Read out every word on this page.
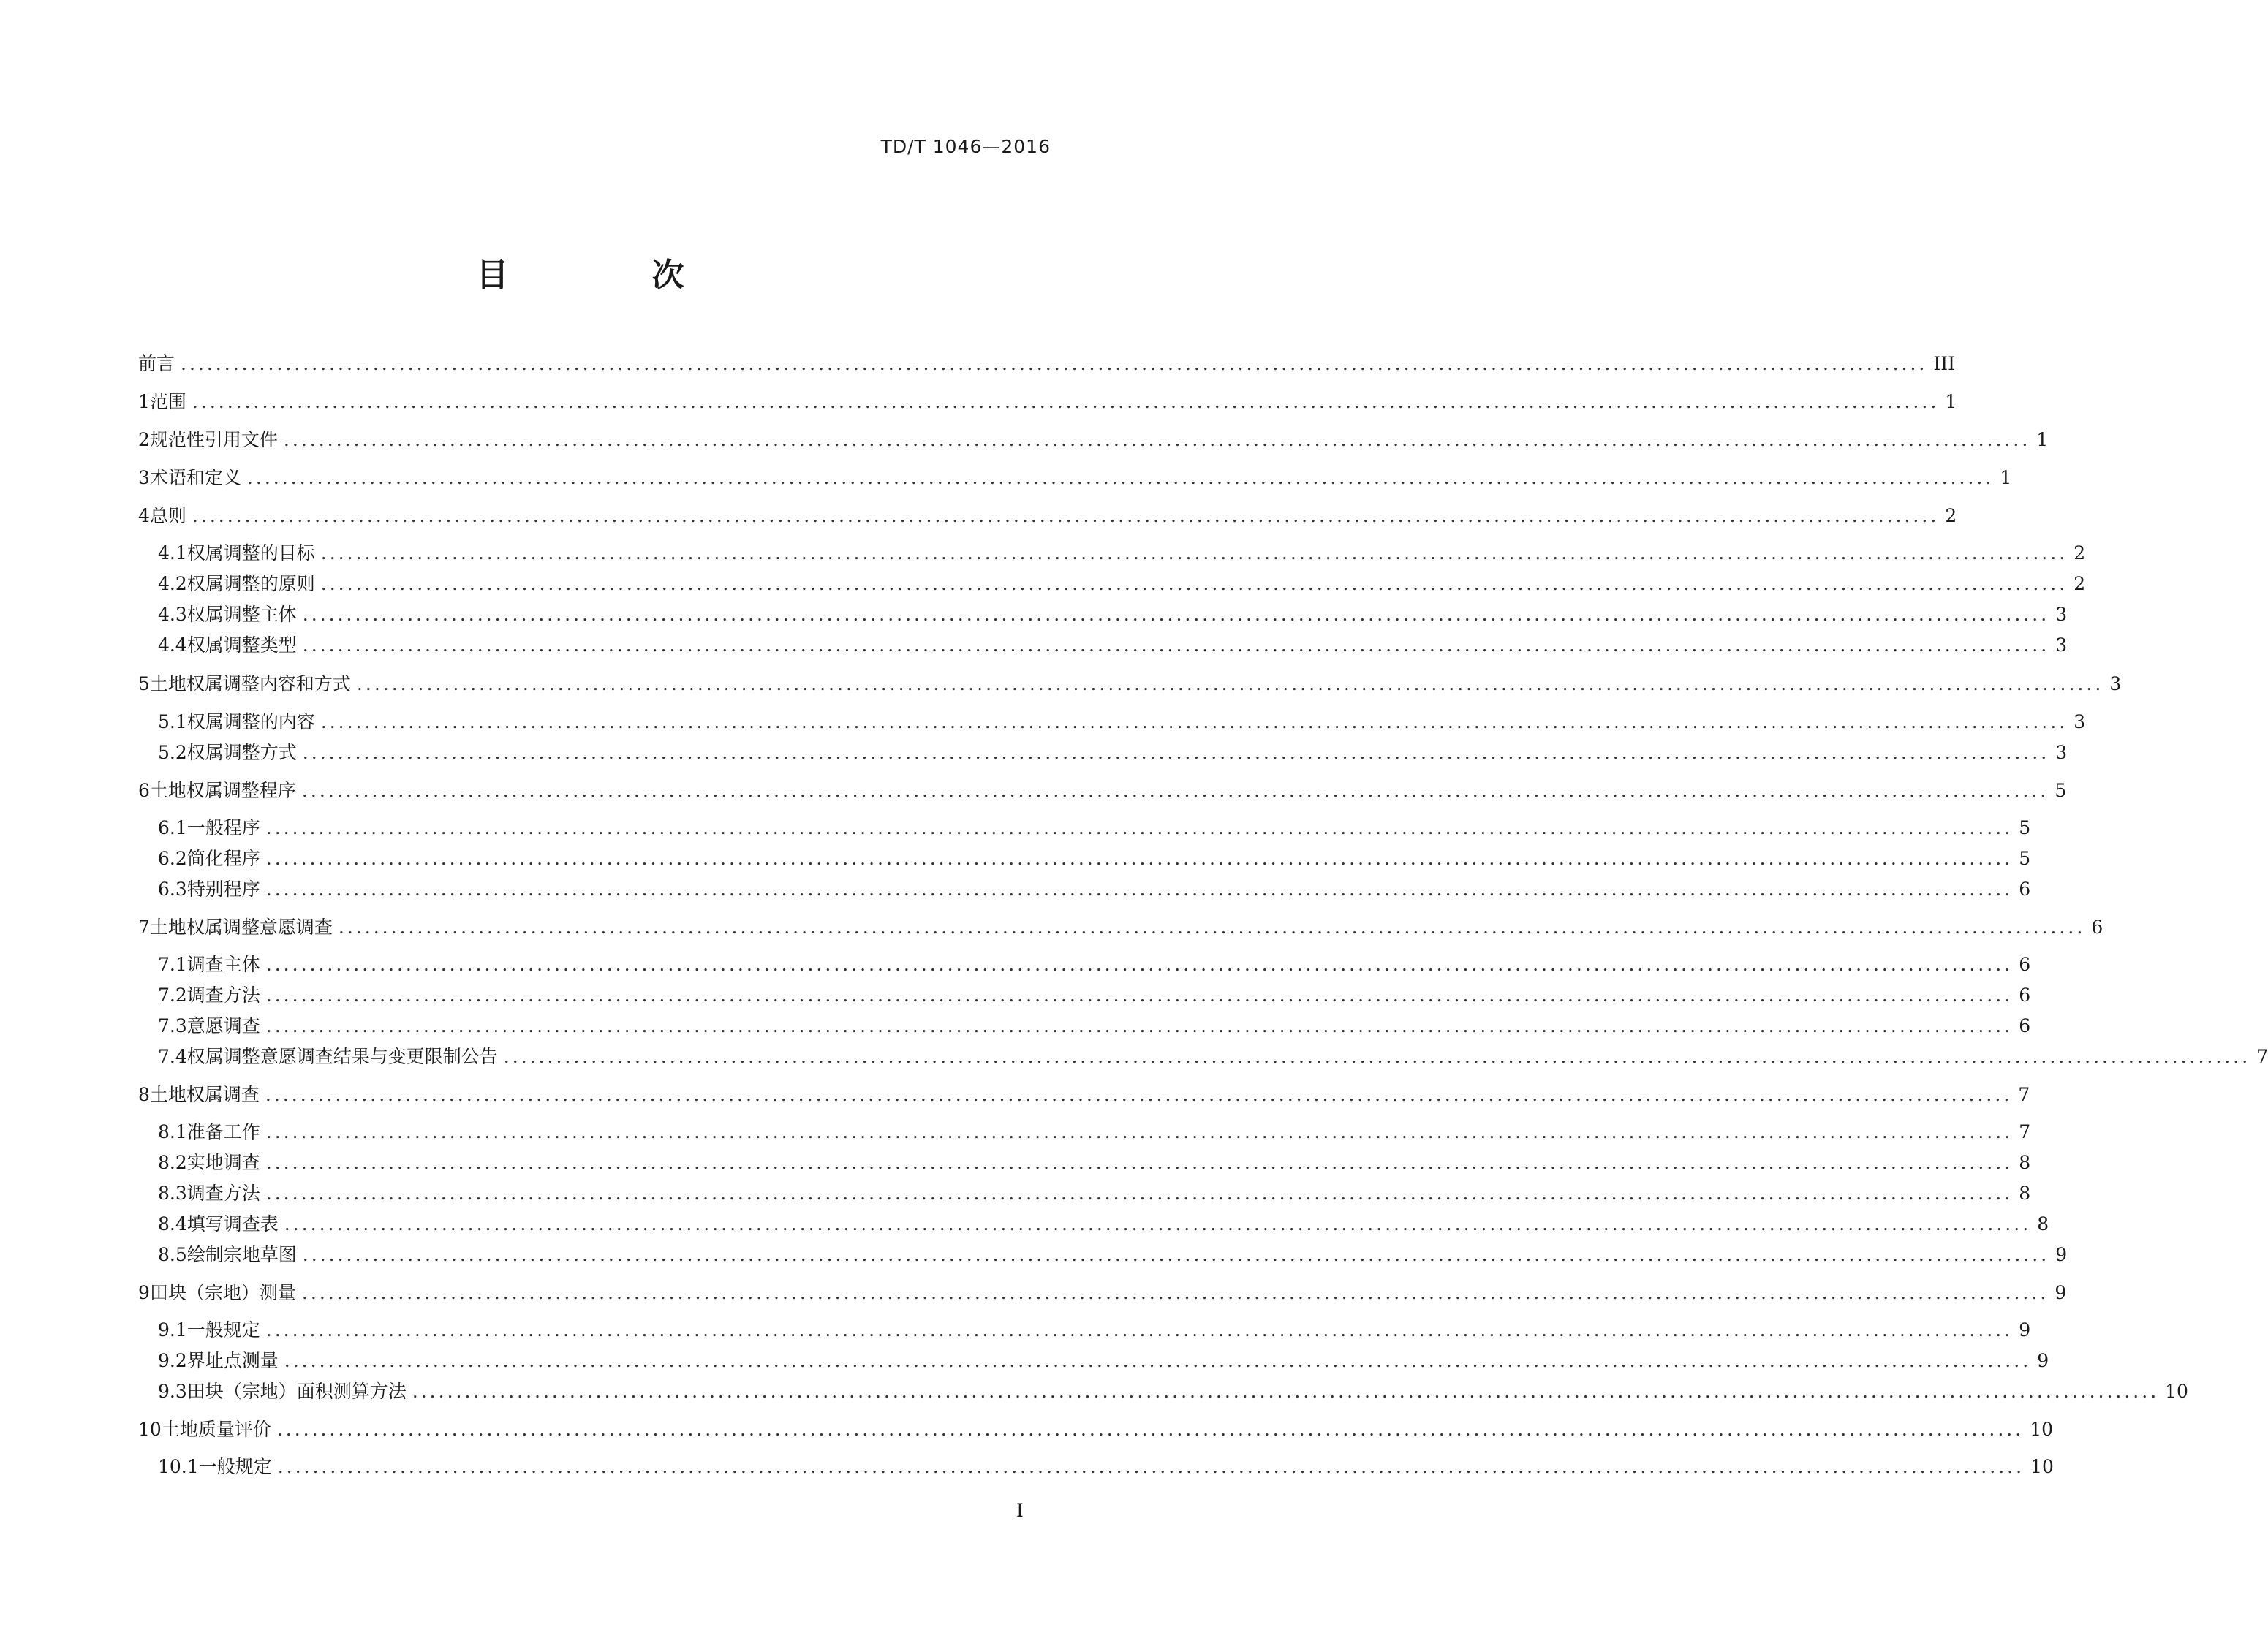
TD/T 1046—2016
目　次
前言 ........................................................................................................................................................................................................ III
1 范围 ........................................................................................................................................................................................................ 1
2 规范性引用文件 ........................................................................................................................................................................................................ 1
3 术语和定义 ........................................................................................................................................................................................................ 1
4 总则 ........................................................................................................................................................................................................ 2
4.1 权属调整的目标 ........................................................................................................................................................................................................ 2
4.2 权属调整的原则 ........................................................................................................................................................................................................ 2
4.3 权属调整主体 ........................................................................................................................................................................................................ 3
4.4 权属调整类型 ........................................................................................................................................................................................................ 3
5 土地权属调整内容和方式 ........................................................................................................................................................................................................ 3
5.1 权属调整的内容 ........................................................................................................................................................................................................ 3
5.2 权属调整方式 ........................................................................................................................................................................................................ 3
6 土地权属调整程序 ........................................................................................................................................................................................................ 5
6.1 一般程序 ........................................................................................................................................................................................................ 5
6.2 简化程序 ........................................................................................................................................................................................................ 5
6.3 特别程序 ........................................................................................................................................................................................................ 6
7 土地权属调整意愿调查 ........................................................................................................................................................................................................ 6
7.1 调查主体 ........................................................................................................................................................................................................ 6
7.2 调查方法 ........................................................................................................................................................................................................ 6
7.3 意愿调查 ........................................................................................................................................................................................................ 6
7.4 权属调整意愿调查结果与变更限制公告 ........................................................................................................................................................................................................ 7
8 土地权属调查 ........................................................................................................................................................................................................ 7
8.1 准备工作 ........................................................................................................................................................................................................ 7
8.2 实地调查 ........................................................................................................................................................................................................ 8
8.3 调查方法 ........................................................................................................................................................................................................ 8
8.4 填写调查表 ........................................................................................................................................................................................................ 8
8.5 绘制宗地草图 ........................................................................................................................................................................................................ 9
9 田块（宗地）测量 ........................................................................................................................................................................................................ 9
9.1 一般规定 ........................................................................................................................................................................................................ 9
9.2 界址点测量 ........................................................................................................................................................................................................ 9
9.3 田块（宗地）面积测算方法 ........................................................................................................................................................................................................ 10
10 土地质量评价 ........................................................................................................................................................................................................ 10
10.1 一般规定 ........................................................................................................................................................................................................ 10
I
